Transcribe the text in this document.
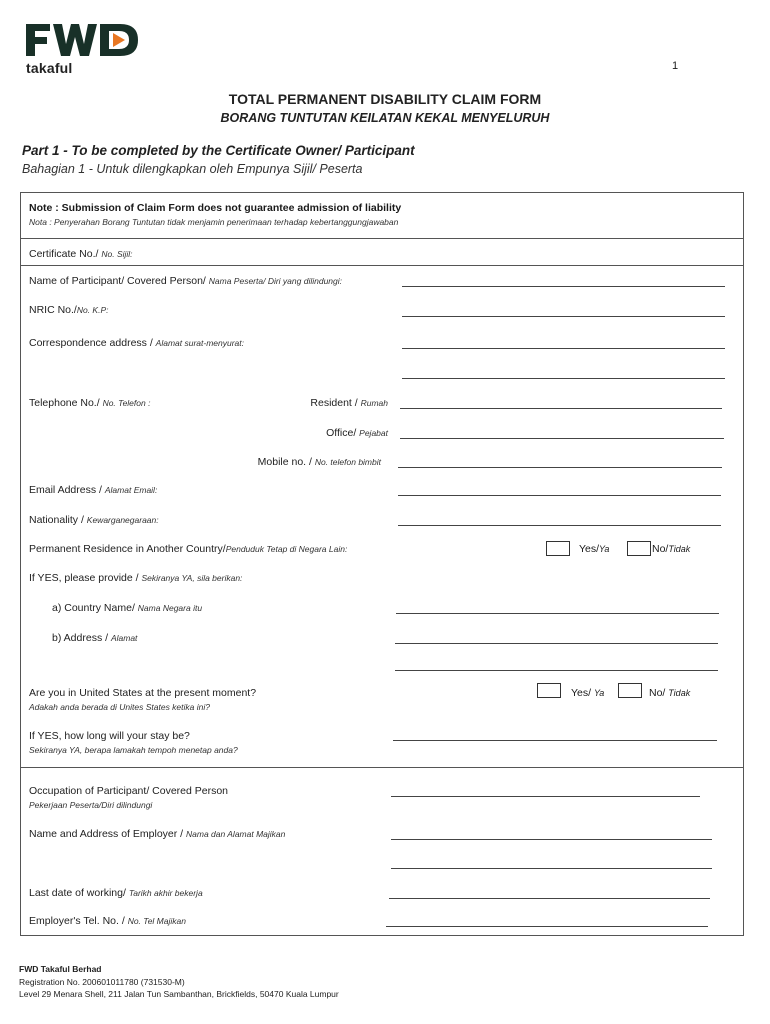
takaful	1
TOTAL PERMANENT DISABILITY CLAIM FORM
BORANG TUNTUTAN KEILATAN KEKAL MENYELURUH
Part 1 - To be completed by the Certificate Owner/ Participant
Bahagian 1 - Untuk dilengkapkan oleh Empunya Sijil/ Peserta
Note : Submission of Claim Form does not guarantee admission of liability
Nota : Penyerahan Borang Tuntutan tidak menjamin penerimaan terhadap kebertanggungjawaban
Certificate No./ No. Sijil:
Name of Participant/ Covered Person/ Nama Peserta/ Diri yang dilindungi:
NRIC No./No. K.P:
Correspondence address / Alamat surat-menyurat:
Telephone No./ No. Telefon :	Resident / Rumah
Office/ Pejabat
Mobile no. / No. telefon bimbit
Email Address / Alamat Email:
Nationality / Kewarganegaraan:
Permanent Residence in Another Country/Penduduk Tetap di Negara Lain:	Yes/Ya	No/Tidak
If YES, please provide / Sekiranya YA, sila berikan:
a) Country Name/ Nama Negara itu
b) Address / Alamat
Are you in United States at the present moment?
Adakah anda berada di Unites States ketika ini?
Yes/ Ya	No/ Tidak
If YES, how long will your stay be?
Sekiranya YA, berapa lamakah tempoh menetap anda?
Occupation of Participant/ Covered Person
Pekerjaan Peserta/Diri dilindungi
Name and Address of Employer / Nama dan Alamat Majikan
Last date of working/ Tarikh akhir bekerja
Employer's Tel. No. / No. Tel Majikan
FWD Takaful Berhad
Registration No. 200601011780 (731530-M)
Level 29 Menara Shell, 211 Jalan Tun Sambanthan, Brickfields, 50470 Kuala Lumpur
